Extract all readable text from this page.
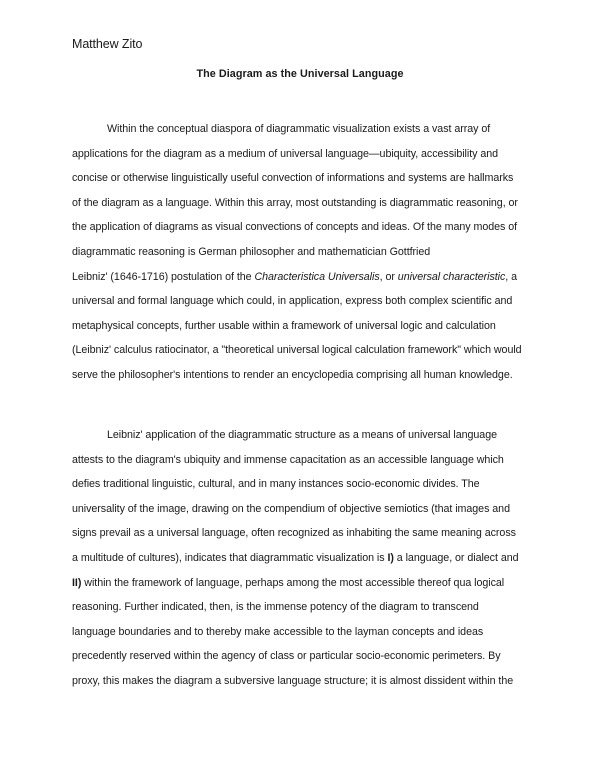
Matthew Zito
The Diagram as the Universal Language

Within the conceptual diaspora of diagrammatic visualization exists a vast array of
applications for the diagram as a medium of universal language—ubiquity, accessibility and
concise or otherwise linguistically useful convection of informations and systems are hallmarks
of the diagram as a language. Within this array, most outstanding is diagrammatic reasoning, or
the application of diagrams as visual convections of concepts and ideas. Of the many modes of
diagrammatic reasoning is German philosopher and mathematician Gottfried
Leibniz' (1646-1716) postulation of the Characteristica Universalis, or universal characteristic, a
universal and formal language which could, in application, express both complex scientific and
metaphysical concepts, further usable within a framework of universal logic and calculation
(Leibniz' calculus ratiocinator, a "theoretical universal logical calculation framework" which would
serve the philosopher's intentions to render an encyclopedia comprising all human knowledge.

Leibniz' application of the diagrammatic structure as a means of universal language
attests to the diagram's ubiquity and immense capacitation as an accessible language which
defies traditional linguistic, cultural, and in many instances socio-economic divides. The
universality of the image, drawing on the compendium of objective semiotics (that images and
signs prevail as a universal language, often recognized as inhabiting the same meaning across
a multitude of cultures), indicates that diagrammatic visualization is I) a language, or dialect and
II) within the framework of language, perhaps among the most accessible thereof qua logical
reasoning. Further indicated, then, is the immense potency of the diagram to transcend
language boundaries and to thereby make accessible to the layman concepts and ideas
precedently reserved within the agency of class or particular socio-economic perimeters. By
proxy, this makes the diagram a subversive language structure; it is almost dissident within the
